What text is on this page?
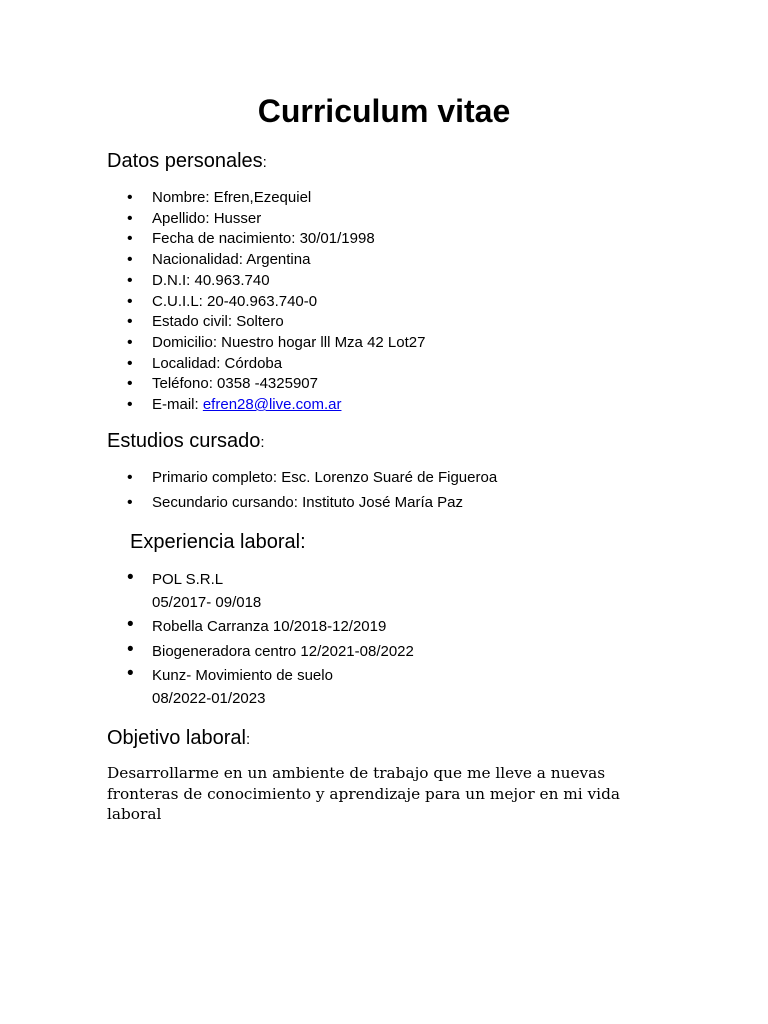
Curriculum vitae
Datos personales:
• Nombre: Efren,Ezequiel
• Apellido: Husser
• Fecha de nacimiento: 30/01/1998
• Nacionalidad: Argentina
• D.N.I: 40.963.740
• C.U.I.L: 20-40.963.740-0
• Estado civil: Soltero
• Domicilio: Nuestro hogar lll Mza 42 Lot27
• Localidad: Córdoba
• Teléfono: 0358 -4325907
• E-mail: efren28@live.com.ar
Estudios cursado:
• Primario completo: Esc. Lorenzo Suaré de Figueroa
• Secundario cursando: Instituto José María Paz
Experiencia laboral:
• POL S.R.L
05/2017- 09/018
• Robella Carranza 10/2018-12/2019
• Biogeneradora centro 12/2021-08/2022
• Kunz- Movimiento de suelo
08/2022-01/2023
Objetivo laboral:
Desarrollarme en un ambiente de trabajo que me lleve a nuevas fronteras de conocimiento y aprendizaje para un mejor en mi vida laboral
